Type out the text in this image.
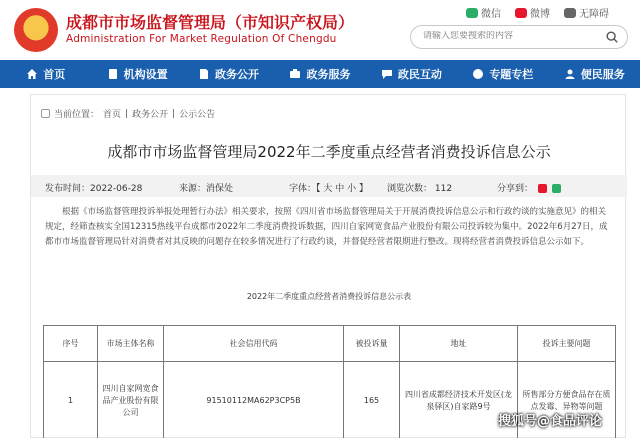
★ 成都市市场监督管理局（市知识产权局）
Administration For Market Regulation Of Chengdu
微信	微博	无障碍
请输入您要搜索的内容
首页	机构设置	政务公开	政务服务	政民互动	专题专栏	便民服务
当前位置： 首页 | 政务公开 | 公示公告
成都市市场监督管理局2022年二季度重点经营者消费投诉信息公示
发布时间：2022-06-28	来源：消保处	字体：【 大 中 小 】 浏览次数： 112	分享到：

根据《市场监督管理投诉举报处理暂行办法》相关要求，按照《四川省市场监督管理局关于开展消费投诉信息公示和行政约谈的实施意见》的相关规定，经筛查核实全国12315热线平台成都市2022年二季度消费投诉数据，四川自家网宽食品产业股份有限公司投诉较为集中。2022年6月27日，成都市市场监督管理局针对消费者对其反映的问题存在较多情况进行了行政约谈，并督促经营者限期进行整改。现将经营者消费投诉信息公示如下。

2022年二季度重点经营者消费投诉信息公示表
序号	市场主体名称	社会信用代码	被投诉量	地址	投诉主要问题
1	四川自家网宽食品产业股份有限公司	91510112MA62P3CP5B	165	四川省成都经济技术开发区(龙泉驿区)自家路9号	所售部分方便食品存在质点发霉、异物等问题
搜狐号@食品评论
